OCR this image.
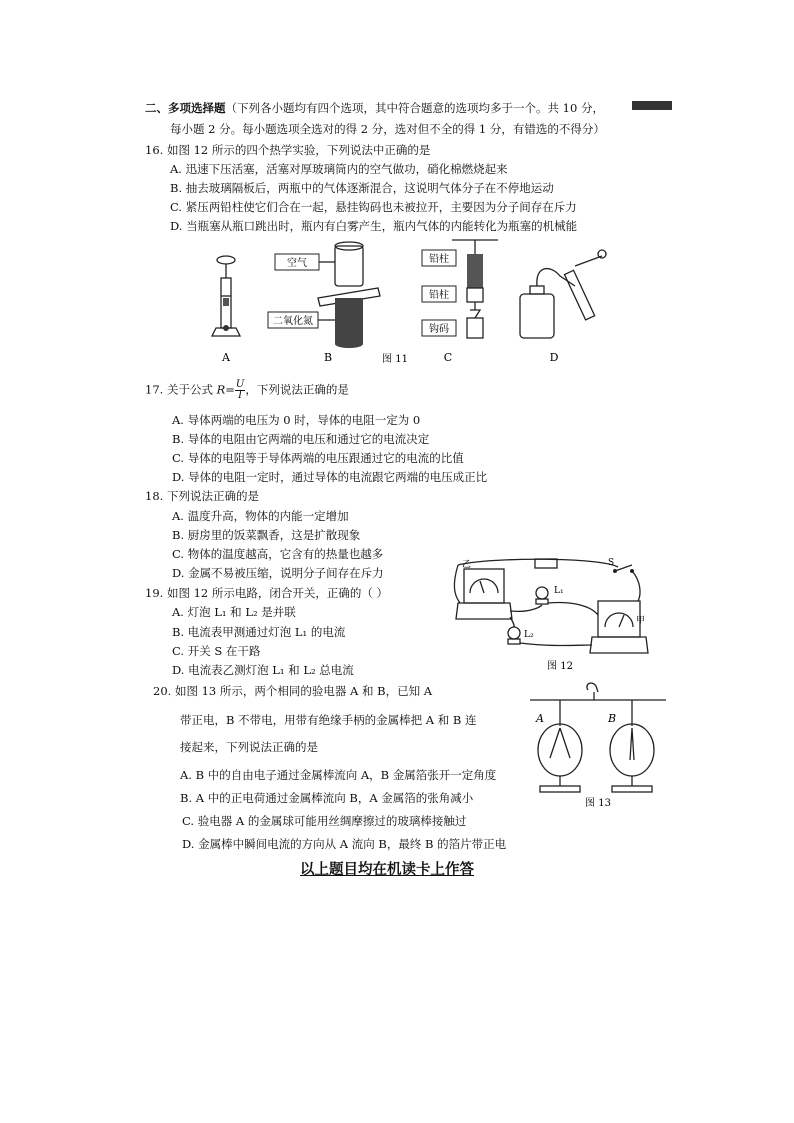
二、多项选择题（下列各小题均有四个选项，其中符合题意的选项均多于一个。共 10 分，
每小题 2 分。每小题选项全选对的得 2 分，选对但不全的得 1 分，有错选的不得分）
16. 如图 12 所示的四个热学实验，下列说法中正确的是
A. 迅速下压活塞，活塞对厚玻璃筒内的空气做功，硝化棉燃烧起来
B. 抽去玻璃隔板后，两瓶中的气体逐渐混合，这说明气体分子在不停地运动
C. 紧压两铅柱使它们合在一起，悬挂钩码也未被拉开，主要因为分子间存在斥力
D. 当瓶塞从瓶口跳出时，瓶内有白雾产生，瓶内气体的内能转化为瓶塞的机械能
空气
二氧化氮
铅柱
铅柱
钩码
A	B	图 11	C	D
17. 关于公式 $R= \frac{U}{I}$，下列说法正确的是
A. 导体两端的电压为 0 时，导体的电阻一定为 0
B. 导体的电阻由它两端的电压和通过它的电流决定
C. 导体的电阻等于导体两端的电压跟通过它的电流的比值
D. 导体的电阻一定时，通过导体的电流跟它两端的电压成正比
18. 下列说法正确的是
A. 温度升高，物体的内能一定增加
B. 厨房里的饭菜飘香，这是扩散现象
C. 物体的温度越高，它含有的热量也越多
D. 金属不易被压缩，说明分子间存在斥力
19. 如图 12 所示电路，闭合开关，正确的（ ）
A. 灯泡 L₁ 和 L₂ 是并联
B. 电流表甲测通过灯泡 L₁ 的电流
C. 开关 S 在干路
D. 电流表乙测灯泡 L₁ 和 L₂ 总电流
S
乙
L₁
L₂
甲
图 12
20. 如图 13 所示，两个相同的验电器 A 和 B，已知 A
带正电，B 不带电，用带有绝缘手柄的金属棒把 A 和 B 连
接起来，下列说法正确的是
A. B 中的自由电子通过金属棒流向 A，B 金属箔张开一定角度
B. A 中的正电荷通过金属棒流向 B，A 金属箔的张角减小
C. 验电器 A 的金属球可能用丝绸摩擦过的玻璃棒接触过
D. 金属棒中瞬间电流的方向从 A 流向 B，最终 B 的箔片带正电
A	B
图 13
以上题目均在机读卡上作答
